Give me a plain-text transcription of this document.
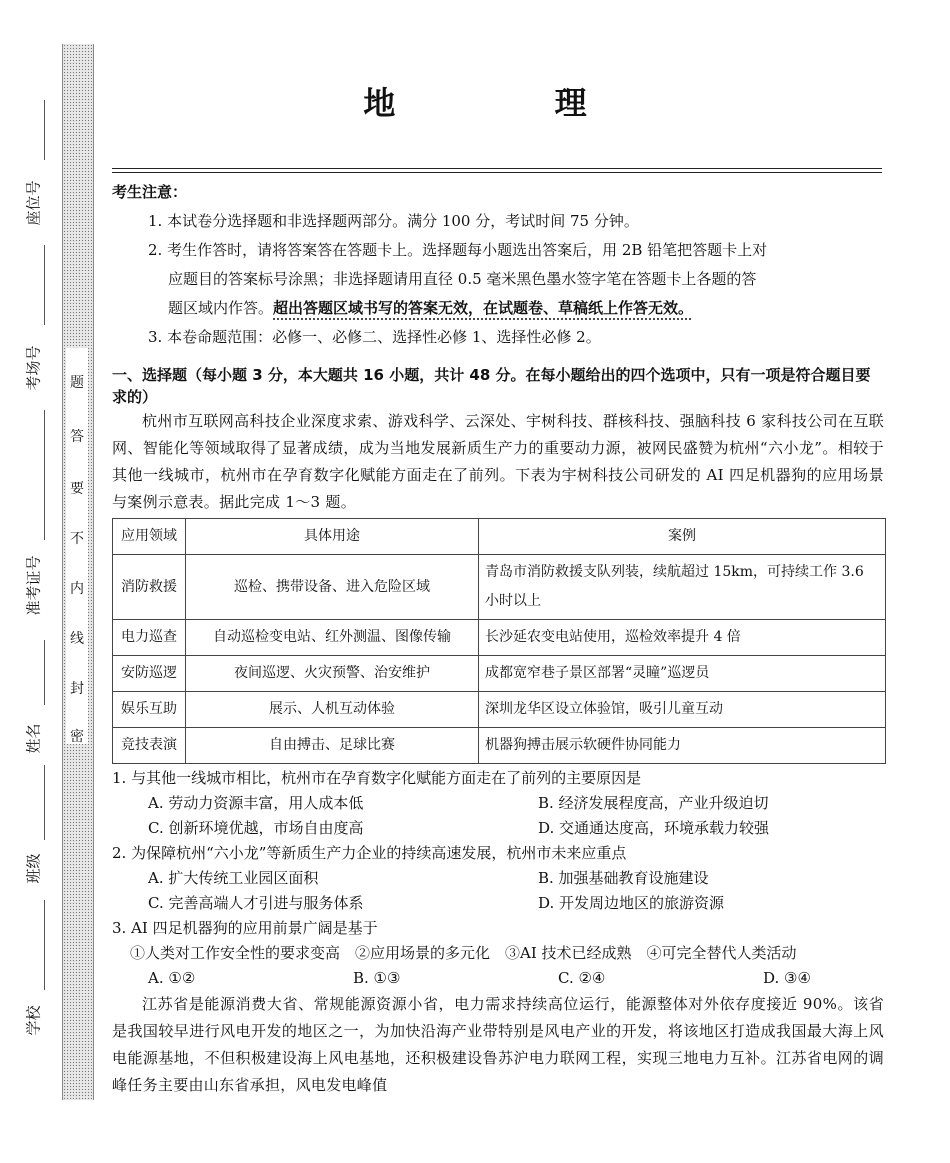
题
答
要
不
内
线
封
密
座位号
考场号
准考证号
姓名
班级
学校
地 理
考生注意：
1. 本试卷分选择题和非选择题两部分。满分 100 分，考试时间 75 分钟。
2. 考生作答时，请将答案答在答题卡上。选择题每小题选出答案后，用 2B 铅笔把答题卡上对
应题目的答案标号涂黑；非选择题请用直径 0.5 毫米黑色墨水签字笔在答题卡上各题的答
题区域内作答。超出答题区域书写的答案无效，在试题卷、草稿纸上作答无效。
3. 本卷命题范围：必修一、必修二、选择性必修 1、选择性必修 2。
一、选择题（每小题 3 分，本大题共 16 小题，共计 48 分。在每小题给出的四个选项中，只有一项是符合题目要求的）
杭州市互联网高科技企业深度求索、游戏科学、云深处、宇树科技、群核科技、强脑科技 6 家科技公司在互联网、智能化等领域取得了显著成绩，成为当地发展新质生产力的重要动力源，被网民盛赞为杭州“六小龙”。相较于其他一线城市，杭州市在孕育数字化赋能方面走在了前列。下表为宇树科技公司研发的 AI 四足机器狗的应用场景与案例示意表。据此完成 1～3 题。
应用领域	具体用途	案例
消防救援	巡检、携带设备、进入危险区域	青岛市消防救援支队列装，续航超过 15km，可持续工作 3.6 小时以上
电力巡查	自动巡检变电站、红外测温、图像传输	长沙延农变电站使用，巡检效率提升 4 倍
安防巡逻	夜间巡逻、火灾预警、治安维护	成都宽窄巷子景区部署“灵瞳”巡逻员
娱乐互助	展示、人机互动体验	深圳龙华区设立体验馆，吸引儿童互动
竞技表演	自由搏击、足球比赛	机器狗搏击展示软硬件协同能力
1. 与其他一线城市相比，杭州市在孕育数字化赋能方面走在了前列的主要原因是
A. 劳动力资源丰富，用人成本低	B. 经济发展程度高，产业升级迫切
C. 创新环境优越，市场自由度高	D. 交通通达度高，环境承载力较强
2. 为保障杭州“六小龙”等新质生产力企业的持续高速发展，杭州市未来应重点
A. 扩大传统工业园区面积	B. 加强基础教育设施建设
C. 完善高端人才引进与服务体系	D. 开发周边地区的旅游资源
3. AI 四足机器狗的应用前景广阔是基于
①人类对工作安全性的要求变高　②应用场景的多元化　③AI 技术已经成熟　④可完全替代人类活动
A. ①②	B. ①③	C. ②④	D. ③④
江苏省是能源消费大省、常规能源资源小省，电力需求持续高位运行，能源整体对外依存度接近 90%。该省是我国较早进行风电开发的地区之一，为加快沿海产业带特别是风电产业的开发，将该地区打造成我国最大海上风电能源基地，不但积极建设海上风电基地，还积极建设鲁苏沪电力联网工程，实现三地电力互补。江苏省电网的调峰任务主要由山东省承担，风电发电峰值
